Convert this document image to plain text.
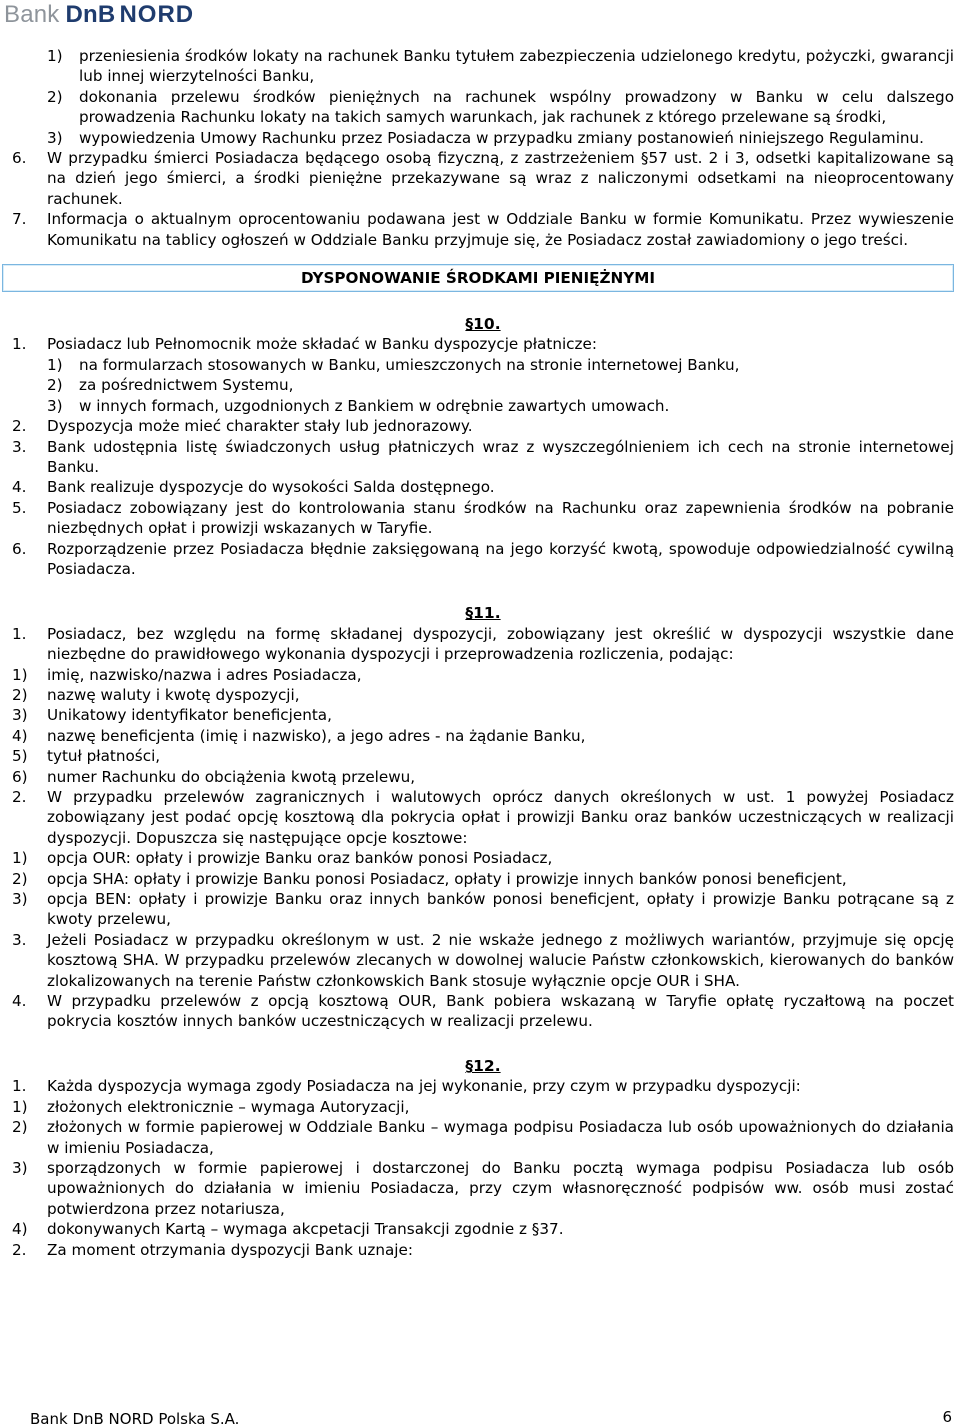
Bank DnB NORD
1)	przeniesienia środków lokaty na rachunek Banku tytułem zabezpieczenia udzielonego kredytu, pożyczki, gwarancji lub innej wierzytelności Banku,
2)	dokonania przelewu środków pieniężnych na rachunek wspólny prowadzony w Banku w celu dalszego prowadzenia Rachunku lokaty na takich samych warunkach, jak rachunek z którego przelewane są środki,
3)	wypowiedzenia Umowy Rachunku przez Posiadacza w przypadku zmiany postanowień niniejszego Regulaminu.
6.	W przypadku śmierci Posiadacza będącego osobą fizyczną, z zastrzeżeniem §57 ust. 2 i 3, odsetki kapitalizowane są na dzień jego śmierci, a środki pieniężne przekazywane są wraz z naliczonymi odsetkami na nieoprocentowany rachunek.
7.	Informacja o aktualnym oprocentowaniu podawana jest w Oddziale Banku w formie Komunikatu. Przez wywieszenie Komunikatu na tablicy ogłoszeń w Oddziale Banku przyjmuje się, że Posiadacz został zawiadomiony o jego treści.
DYSPONOWANIE ŚRODKAMI PIENIĘŻNYMI
§10.
1.	Posiadacz lub Pełnomocnik może składać w Banku dyspozycje płatnicze:
1)	na formularzach stosowanych w Banku, umieszczonych na stronie internetowej Banku,
2)	za pośrednictwem Systemu,
3)	w innych formach, uzgodnionych z Bankiem w odrębnie zawartych umowach.
2.	Dyspozycja może mieć charakter stały lub jednorazowy.
3.	Bank udostępnia listę świadczonych usług płatniczych wraz z wyszczególnieniem ich cech na stronie internetowej Banku.
4.	Bank realizuje dyspozycje do wysokości Salda dostępnego.
5.	Posiadacz zobowiązany jest do kontrolowania stanu środków na Rachunku oraz zapewnienia środków na pobranie niezbędnych opłat i prowizji wskazanych w Taryfie.
6.	Rozporządzenie przez Posiadacza błędnie zaksięgowaną na jego korzyść kwotą, spowoduje odpowiedzialność cywilną Posiadacza.
§11.
1.	Posiadacz, bez względu na formę składanej dyspozycji, zobowiązany jest określić w dyspozycji wszystkie dane niezbędne do prawidłowego wykonania dyspozycji i przeprowadzenia rozliczenia, podając:
1)	imię, nazwisko/nazwa i adres Posiadacza,
2)	nazwę waluty i kwotę dyspozycji,
3)	Unikatowy identyfikator beneficjenta,
4)	nazwę beneficjenta (imię i nazwisko), a jego adres - na żądanie Banku,
5)	tytuł płatności,
6)	numer Rachunku do obciążenia kwotą przelewu,
2.	W przypadku przelewów zagranicznych i walutowych oprócz danych określonych w ust. 1 powyżej Posiadacz zobowiązany jest podać opcję kosztową dla pokrycia opłat i prowizji Banku oraz banków uczestniczących w realizacji dyspozycji. Dopuszcza się następujące opcje kosztowe:
1)	opcja OUR: opłaty i prowizje Banku oraz banków ponosi Posiadacz,
2)	opcja SHA: opłaty i prowizje Banku ponosi Posiadacz, opłaty i prowizje innych banków ponosi beneficjent,
3)	opcja BEN: opłaty i prowizje Banku oraz innych banków ponosi beneficjent, opłaty i prowizje Banku potrącane są z kwoty przelewu,
3.	Jeżeli Posiadacz w przypadku określonym w ust. 2 nie wskaże jednego z możliwych wariantów, przyjmuje się opcję kosztową SHA. W przypadku przelewów zlecanych w dowolnej walucie Państw członkowskich, kierowanych do banków zlokalizowanych na terenie Państw członkowskich Bank stosuje wyłącznie opcje OUR i SHA.
4.	W przypadku przelewów z opcją kosztową OUR, Bank pobiera wskazaną w Taryfie opłatę ryczałtową na poczet pokrycia kosztów innych banków uczestniczących w realizacji przelewu.
§12.
1.	Każda dyspozycja wymaga zgody Posiadacza na jej wykonanie, przy czym w przypadku dyspozycji:
1)	złożonych elektronicznie – wymaga Autoryzacji,
2)	złożonych w formie papierowej w Oddziale Banku – wymaga podpisu Posiadacza lub osób upoważnionych do działania w imieniu Posiadacza,
3)	sporządzonych w formie papierowej i dostarczonej do Banku pocztą wymaga podpisu Posiadacza lub osób upoważnionych do działania w imieniu Posiadacza, przy czym własnoręczność podpisów ww. osób musi zostać potwierdzona przez notariusza,
4)	dokonywanych Kartą – wymaga akcpetacji Transakcji zgodnie z §37.
2.	Za moment otrzymania dyspozycji Bank uznaje:
Bank DnB NORD Polska S.A.	6
